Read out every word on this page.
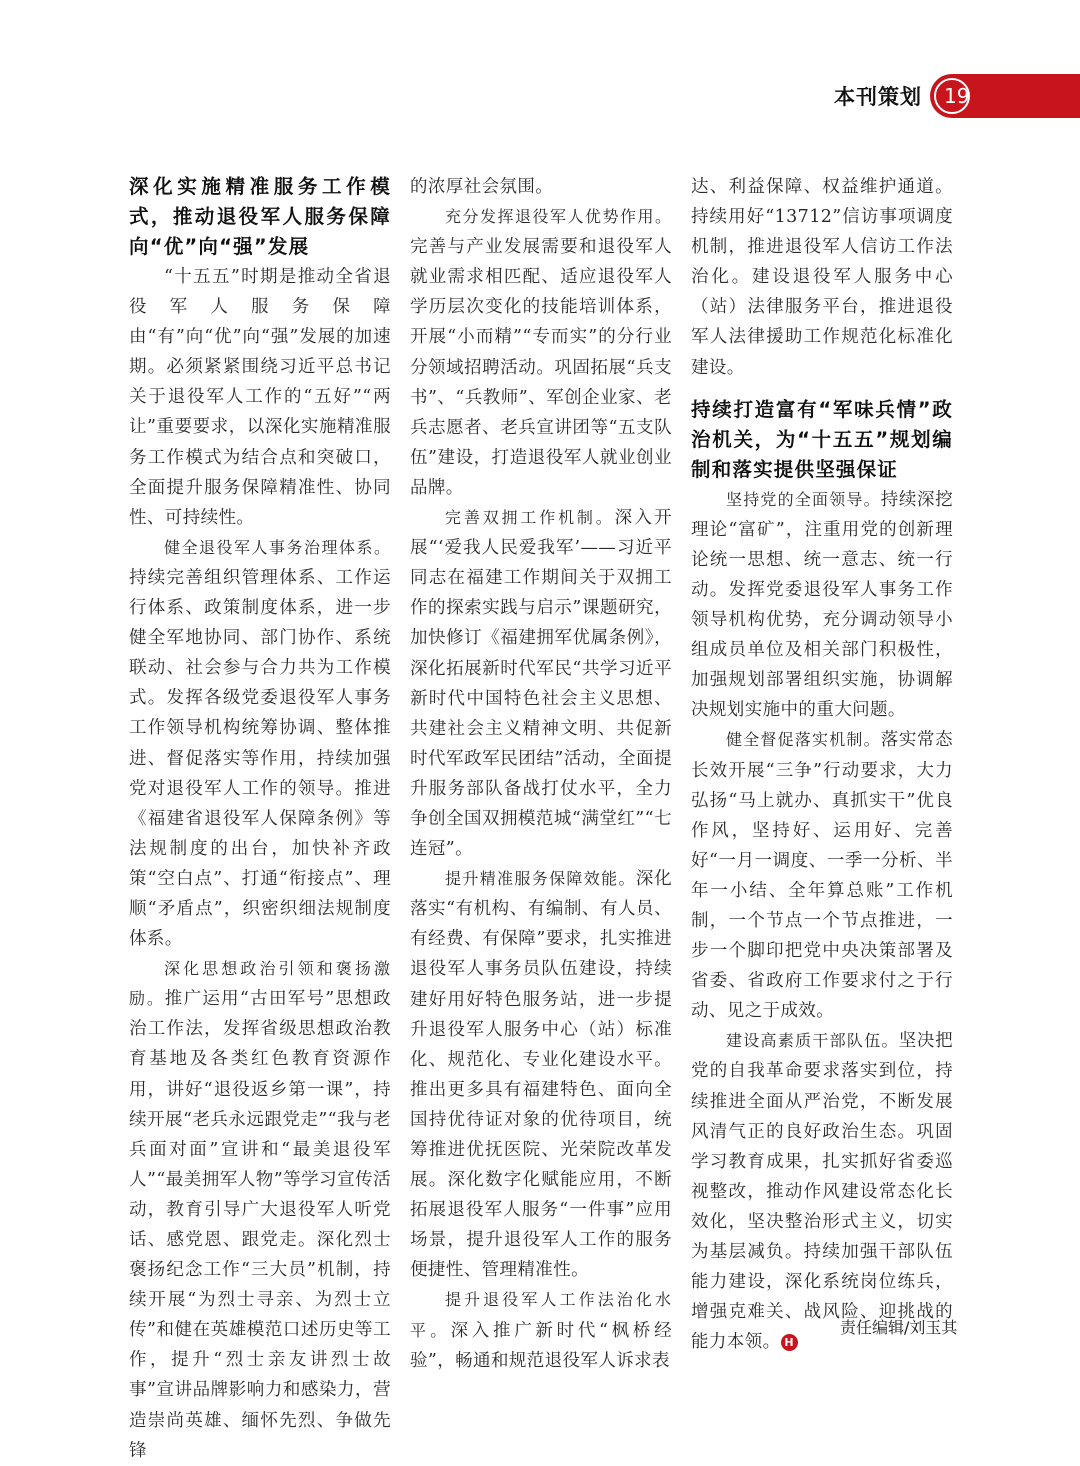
本刊策划 19
深化实施精准服务工作模式，推动退役军人服务保障向“优”向“强”发展

“十五五”时期是推动全省退役军人服务保障由“有”向“优”向“强”发展的加速期。必须紧紧围绕习近平总书记关于退役军人工作的“五好”“两让”重要要求，以深化实施精准服务工作模式为结合点和突破口，全面提升服务保障精准性、协同性、可持续性。

健全退役军人事务治理体系。持续完善组织管理体系、工作运行体系、政策制度体系，进一步健全军地协同、部门协作、系统联动、社会参与合力共为工作模式。发挥各级党委退役军人事务工作领导机构统筹协调、整体推进、督促落实等作用，持续加强党对退役军人工作的领导。推进《福建省退役军人保障条例》等法规制度的出台，加快补齐政策“空白点”、打通“衔接点”、理顺“矛盾点”，织密织细法规制度体系。

深化思想政治引领和褒扬激励。推广运用“古田军号”思想政治工作法，发挥省级思想政治教育基地及各类红色教育资源作用，讲好“退役返乡第一课”，持续开展“老兵永远跟党走”“我与老兵面对面”宣讲和“最美退役军人”“最美拥军人物”等学习宣传活动，教育引导广大退役军人听党话、感党恩、跟党走。深化烈士褒扬纪念工作“三大员”机制，持续开展“为烈士寻亲、为烈士立传”和健在英雄模范口述历史等工作，提升“烈士亲友讲烈士故事”宣讲品牌影响力和感染力，营造崇尚英雄、缅怀先烈、争做先锋

的浓厚社会氛围。

充分发挥退役军人优势作用。完善与产业发展需要和退役军人就业需求相匹配、适应退役军人学历层次变化的技能培训体系，开展“小而精”“专而实”的分行业分领域招聘活动。巩固拓展“兵支书”、“兵教师”、军创企业家、老兵志愿者、老兵宣讲团等“五支队伍”建设，打造退役军人就业创业品牌。

完善双拥工作机制。深入开展“‘爱我人民爱我军’——习近平同志在福建工作期间关于双拥工作的探索实践与启示”课题研究，加快修订《福建拥军优属条例》，深化拓展新时代军民“共学习近平新时代中国特色社会主义思想、共建社会主义精神文明、共促新时代军政军民团结”活动，全面提升服务部队备战打仗水平，全力争创全国双拥模范城“满堂红”“七连冠”。

提升精准服务保障效能。深化落实“有机构、有编制、有人员、有经费、有保障”要求，扎实推进退役军人事务员队伍建设，持续建好用好特色服务站，进一步提升退役军人服务中心（站）标准化、规范化、专业化建设水平。推出更多具有福建特色、面向全国持优待证对象的优待项目，统筹推进优抚医院、光荣院改革发展。深化数字化赋能应用，不断拓展退役军人服务“一件事”应用场景，提升退役军人工作的服务便捷性、管理精准性。

提升退役军人工作法治化水平。深入推广新时代“枫桥经验”，畅通和规范退役军人诉求表

达、利益保障、权益维护通道。持续用好“13712”信访事项调度机制，推进退役军人信访工作法治化。建设退役军人服务中心（站）法律服务平台，推进退役军人法律援助工作规范化标准化建设。

持续打造富有“军味兵情”政治机关，为“十五五”规划编制和落实提供坚强保证

坚持党的全面领导。持续深挖理论“富矿”，注重用党的创新理论统一思想、统一意志、统一行动。发挥党委退役军人事务工作领导机构优势，充分调动领导小组成员单位及相关部门积极性，加强规划部署组织实施，协调解决规划实施中的重大问题。

健全督促落实机制。落实常态长效开展“三争”行动要求，大力弘扬“马上就办、真抓实干”优良作风，坚持好、运用好、完善好“一月一调度、一季一分析、半年一小结、全年算总账”工作机制，一个节点一个节点推进，一步一个脚印把党中央决策部署及省委、省政府工作要求付之于行动、见之于成效。

建设高素质干部队伍。坚决把党的自我革命要求落实到位，持续推进全面从严治党，不断发展风清气正的良好政治生态。巩固学习教育成果，扎实抓好省委巡视整改，推动作风建设常态化长效化，坚决整治形式主义，切实为基层减负。持续加强干部队伍能力建设，深化系统岗位练兵，增强克难关、战风险、迎挑战的能力本领。 H

责任编辑/刘玉其
